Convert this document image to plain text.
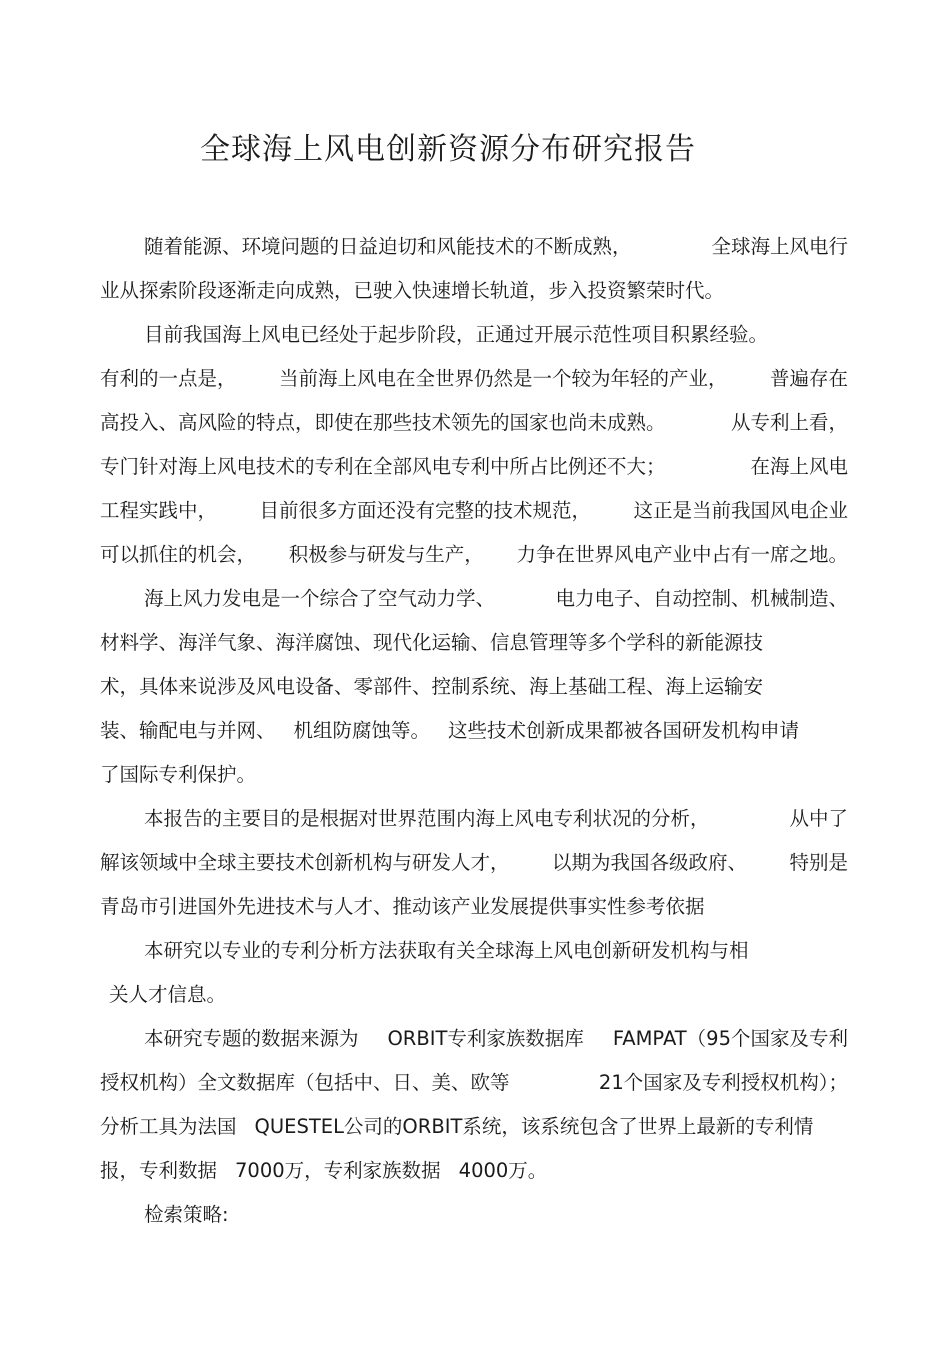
全球海上风电创新资源分布研究报告
随着能源、环境问题的日益迫切和风能技术的不断成熟，	全球海上风电行
业从探索阶段逐渐走向成熟，已驶入快速增长轨道，步入投资繁荣时代。
目前我国海上风电已经处于起步阶段，正通过开展示范性项目积累经验。
有利的一点是， 当前海上风电在全世界仍然是一个较为年轻的产业， 普遍存在
高投入、高风险的特点，即使在那些技术领先的国家也尚未成熟。	从专利上看，
专门针对海上风电技术的专利在全部风电专利中所占比例还不大；	在海上风电
工程实践中， 目前很多方面还没有完整的技术规范， 这正是当前我国风电企业
可以抓住的机会， 积极参与研发与生产， 力争在世界风电产业中占有一席之地。
海上风力发电是一个综合了空气动力学、	电力电子、自动控制、机械制造、
材料学、海洋气象、海洋腐蚀、现代化运输、信息管理等多个学科的新能源技
术，具体来说涉及风电设备、零部件、控制系统、海上基础工程、海上运输安
装、输配电与并网、 机组防腐蚀等。 这些技术创新成果都被各国研发机构申请
了国际专利保护。
本报告的主要目的是根据对世界范围内海上风电专利状况的分析，	从中了
解该领域中全球主要技术创新机构与研发人才， 以期为我国各级政府、 特别是
青岛市引进国外先进技术与人才、推动该产业发展提供事实性参考依据
本研究以专业的专利分析方法获取有关全球海上风电创新研发机构与相
关人才信息。
本研究专题的数据来源为 ORBIT专利家族数据库 FAMPAT（95个国家及专利
授权机构）全文数据库（包括中、日、美、欧等	21个国家及专利授权机构）；
分析工具为法国 QUESTEL公司的ORBIT系统，该系统包含了世界上最新的专利情
报，专利数据 7000万，专利家族数据 4000万。
检索策略:
